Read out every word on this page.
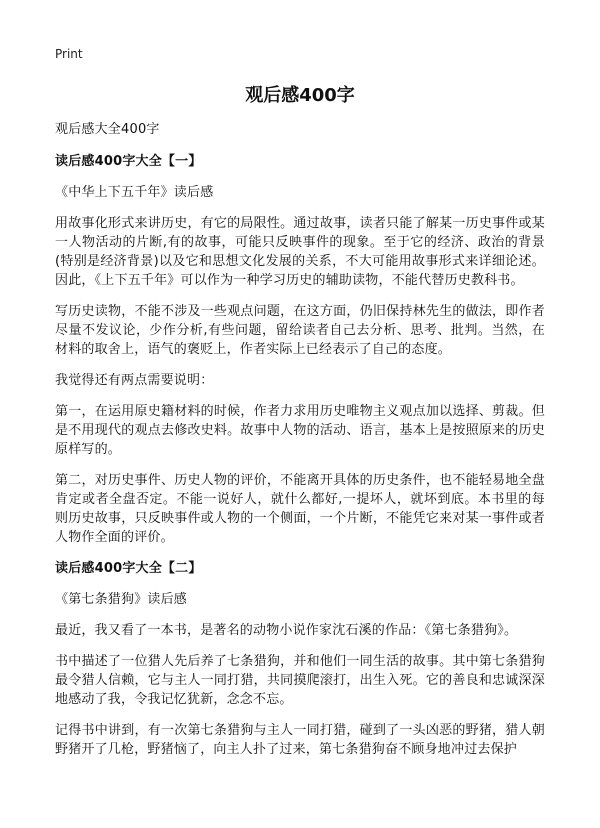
Print
观后感400字

观后感大全400字

读后感400字大全【一】

《中华上下五千年》读后感

用故事化形式来讲历史，有它的局限性。通过故事，读者只能了解某一历史事件或某一人物活动的片断,有的故事，可能只反映事件的现象。至于它的经济、政治的背景(特别是经济背景)以及它和思想文化发展的关系，不大可能用故事形式来详细论述。因此，《上下五千年》可以作为一种学习历史的辅助读物，不能代替历史教科书。

写历史读物，不能不涉及一些观点问题，在这方面，仍旧保持林先生的做法，即作者尽量不发议论，少作分析,有些问题，留给读者自己去分析、思考、批判。当然，在材料的取舍上，语气的褒贬上，作者实际上已经表示了自己的态度。

我觉得还有两点需要说明：

第一，在运用原史籍材料的时候，作者力求用历史唯物主义观点加以选择、剪裁。但是不用现代的观点去修改史料。故事中人物的活动、语言，基本上是按照原来的历史原样写的。

第二，对历史事件、历史人物的评价，不能离开具体的历史条件，也不能轻易地全盘肯定或者全盘否定。不能一说好人，就什么都好,一提坏人，就坏到底。本书里的每则历史故事，只反映事件或人物的一个侧面，一个片断，不能凭它来对某一事件或者人物作全面的评价。

读后感400字大全【二】

《第七条猎狗》读后感

最近，我又看了一本书，是著名的动物小说作家沈石溪的作品：《第七条猎狗》。

书中描述了一位猎人先后养了七条猎狗，并和他们一同生活的故事。其中第七条猎狗最令猎人信赖，它与主人一同打猎，共同摸爬滚打，出生入死。它的善良和忠诚深深地感动了我，令我记忆犹新，念念不忘。

记得书中讲到，有一次第七条猎狗与主人一同打猎，碰到了一头凶恶的野猪，猎人朝野猪开了几枪，野猪恼了，向主人扑了过来，第七条猎狗奋不顾身地冲过去保护
